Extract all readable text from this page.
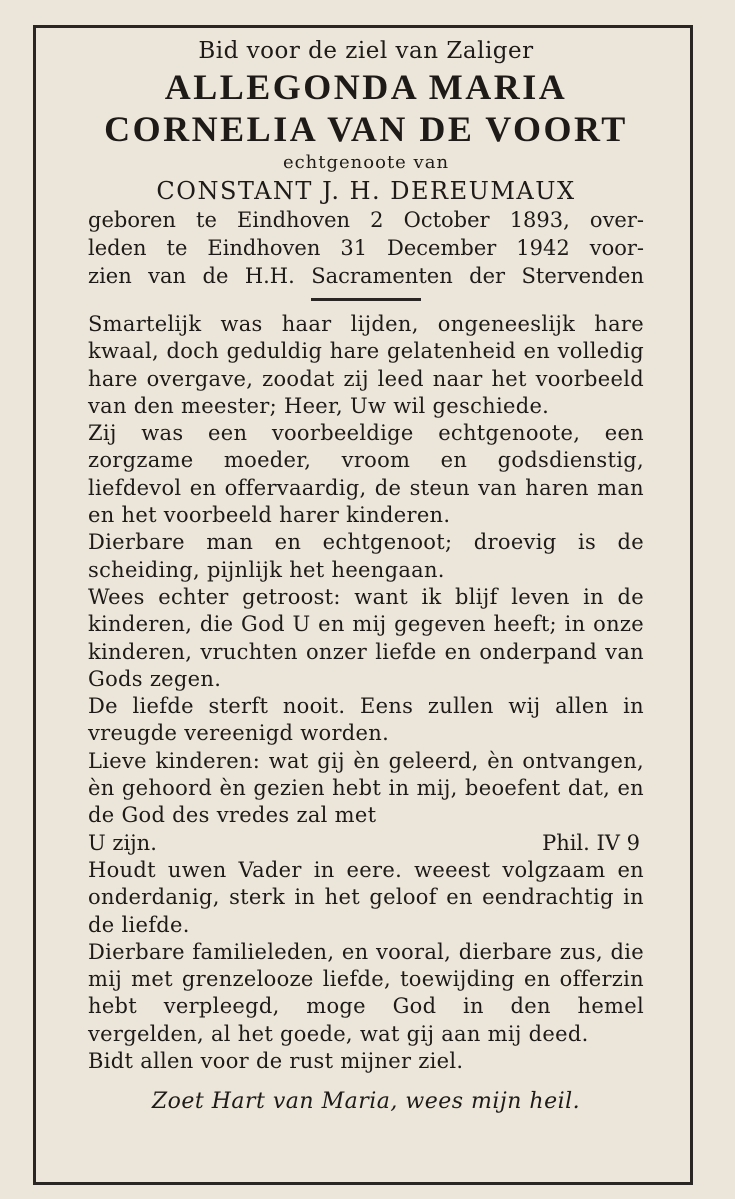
Bid voor de ziel van Zaliger
ALLEGONDA MARIA
CORNELIA VAN DE VOORT
echtgenoote van
CONSTANT J. H. DEREUMAUX
geboren te Eindhoven 2 October 1893, over-
leden te Eindhoven 31 December 1942 voor-
zien van de H.H. Sacramenten der Stervenden

Smartelijk was haar lijden, ongeneeslijk hare kwaal, doch geduldig hare gelatenheid en volledig hare overgave, zoodat zij leed naar het voorbeeld van den meester; Heer, Uw wil geschiede.

Zij was een voorbeeldige echtgenoote, een zorgzame moeder, vroom en godsdienstig, liefdevol en offervaardig, de steun van haren man en het voorbeeld harer kinderen.

Dierbare man en echtgenoot; droevig is de scheiding, pijnlijk het heengaan.

Wees echter getroost: want ik blijf leven in de kinderen, die God U en mij gegeven heeft; in onze kinderen, vruchten onzer liefde en onderpand van Gods zegen.

De liefde sterft nooit. Eens zullen wij allen in vreugde vereenigd worden.

Lieve kinderen: wat gij èn geleerd, èn ontvangen, èn gehoord èn gezien hebt in mij, beoefent dat, en de God des vredes zal met

U zijn.	Phil. IV 9

Houdt uwen Vader in eere. weeest volgzaam en onderdanig, sterk in het geloof en eendrachtig in de liefde.

Dierbare familieleden, en vooral, dierbare zus, die mij met grenzelooze liefde, toewijding en offerzin hebt verpleegd, moge God in den hemel vergelden, al het goede, wat gij aan mij deed.

Bidt allen voor de rust mijner ziel.

Zoet Hart van Maria, wees mijn heil.
